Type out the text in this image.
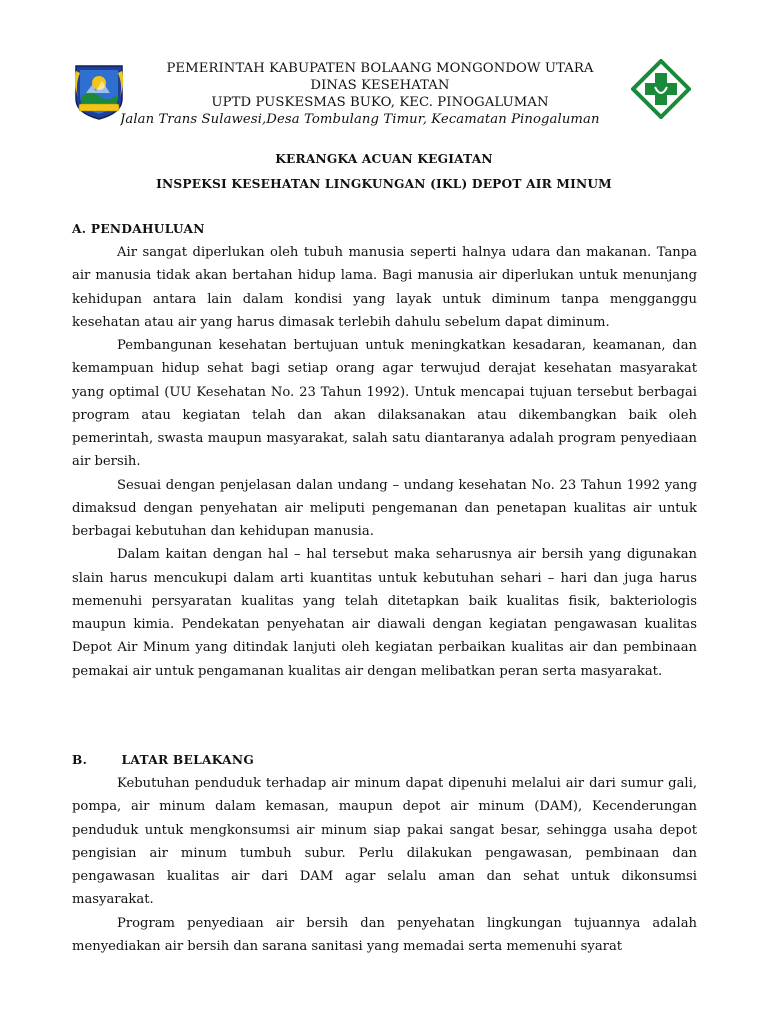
PEMERINTAH KABUPATEN BOLAANG MONGONDOW UTARA
DINAS KESEHATAN
UPTD PUSKESMAS BUKO, KEC. PINOGALUMAN
Jalan Trans Sulawesi,Desa Tombulang Timur, Kecamatan Pinogaluman
KERANGKA ACUAN KEGIATAN
INSPEKSI KESEHATAN LINGKUNGAN (IKL) DEPOT AIR MINUM
A. PENDAHULUAN

Air sangat diperlukan oleh tubuh manusia seperti halnya udara dan makanan. Tanpa air manusia tidak akan bertahan hidup lama. Bagi manusia air diperlukan untuk menunjang kehidupan antara lain dalam kondisi yang layak untuk diminum tanpa mengganggu kesehatan atau air yang harus dimasak terlebih dahulu sebelum dapat diminum.

Pembangunan kesehatan bertujuan untuk meningkatkan kesadaran, keamanan, dan kemampuan hidup sehat bagi setiap orang agar terwujud derajat kesehatan masyarakat yang optimal (UU Kesehatan No. 23 Tahun 1992). Untuk mencapai tujuan tersebut berbagai program atau kegiatan telah dan akan dilaksanakan atau dikembangkan baik oleh pemerintah, swasta maupun masyarakat, salah satu diantaranya adalah program penyediaan air bersih.

Sesuai dengan penjelasan dalan undang – undang kesehatan No. 23 Tahun 1992 yang dimaksud dengan penyehatan air meliputi pengemanan dan penetapan kualitas air untuk berbagai kebutuhan dan kehidupan manusia.

Dalam kaitan dengan hal – hal tersebut maka seharusnya air bersih yang digunakan slain harus mencukupi dalam arti kuantitas untuk kebutuhan sehari – hari dan juga harus memenuhi persyaratan kualitas yang telah ditetapkan baik kualitas fisik, bakteriologis maupun kimia. Pendekatan penyehatan air diawali dengan kegiatan pengawasan kualitas Depot Air Minum yang ditindak lanjuti oleh kegiatan perbaikan kualitas air dan pembinaan pemakai air untuk pengamanan kualitas air dengan melibatkan peran serta masyarakat.

B.	LATAR BELAKANG

Kebutuhan penduduk terhadap air minum dapat dipenuhi melalui air dari sumur gali, pompa, air minum dalam kemasan, maupun depot air minum (DAM), Kecenderungan penduduk untuk mengkonsumsi air minum siap pakai sangat besar, sehingga usaha depot pengisian air minum tumbuh subur. Perlu dilakukan pengawasan, pembinaan dan pengawasan kualitas air dari DAM agar selalu aman dan sehat untuk dikonsumsi masyarakat.

Program penyediaan air bersih dan penyehatan lingkungan tujuannya adalah menyediakan air bersih dan sarana sanitasi yang memadai serta memenuhi syarat
